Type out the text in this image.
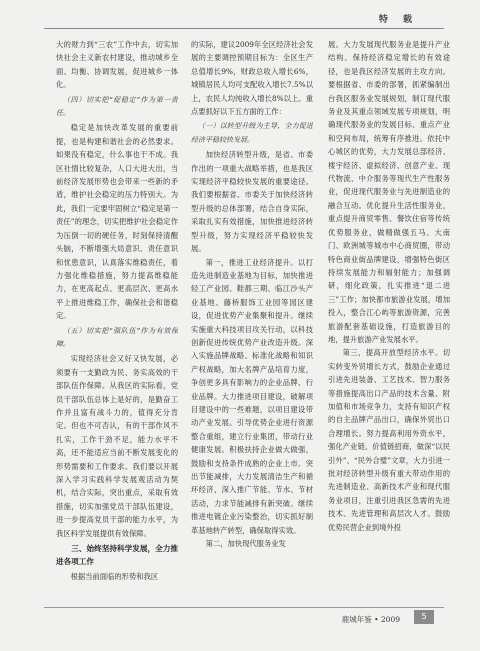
特 载

大的财力到“三农”工作中去，切实加快社会主义新农村建设，推动城乡全面、均衡、协调发展，促进城乡一体化。

（四）切实把“促稳定”作为第一责任。

稳定是加快改革发展的重要前提，也是构建和谐社会的必然要求。如果没有稳定，什么事也干不成。我区社情比较复杂，人口大进大出，当前经济发展形势也会带来一些新的矛盾，维护社会稳定的压力特别大。为此，我们一定要牢固树立“稳定是第一责任”的理念，切实把维护社会稳定作为压倒一切的硬任务，时刻保持清醒头脑，不断增强大局意识、责任意识和忧患意识，认真落实维稳责任，着力强化维稳措施，努力提高维稳能力，在更高起点、更高层次、更高水平上推进维稳工作，确保社会和谐稳定。

（五）切实把“强队伍”作为有效保障。

实现经济社会又好又快发展，必须要有一支勤政为民、务实高效的干部队伍作保障。从我区的实际看，党员干部队伍总体上是好的，是勤奋工作并且富有战斗力的，值得充分肯定。但也不可否认，有的干部作风不扎实，工作干劲不足，能力水平不高，还不能适应当前不断发展变化的形势需要和工作要求。我们要以开展深入学习实践科学发展观活动为契机，结合实际，突出重点，采取有效措施，切实加强党员干部队伍建设，进一步提高党员干部的能力水平，为我区科学发展提供有效保障。

三、始终坚持科学发展，全力推进各项工作

根据当前面临的形势和我区

的实际，建议2009年全区经济社会发展的主要调控预期目标为：全区生产总值增长9%，财政总收入增长6%，城镇居民人均可支配收入增长7.5%以上，农民人均纯收入增长8%以上。重点要抓好以下五方面的工作：

（一）以转型升级为主导，全力促进经济平稳较快发展。

加快经济转型升级，是省、市委作出的一项重大战略举措，也是我区实现经济平稳较快发展的重要途径。我们要根据省、市委关于加快经济转型升级的总体部署，结合自身实际，采取扎实有效措施，加快推进经济转型升级，努力实现经济平稳较快发展。

第一，推进工业经济提升。以打造先进制造业基地为目标，加快推进轻工产业园、鞋都三期、临江沙头产业基地、藤桥服饰工业园等园区建设，促进优势产业集聚和提升。继续实施重大科技项目攻关行动，以科技创新促进传统优势产业改造升级。深入实施品牌战略、标准化战略和知识产权战略，加大名牌产品培育力度，争创更多具有影响力的企业品牌、行业品牌。大力推进项目建设，破解项目建设中的一些难题，以项目建设带动产业发展。引导优势企业进行资源整合重组，建立行业集团，带动行业健康发展。积极扶持企业做大做强，鼓励和支持条件成熟的企业上市。突出节能减排，大力发展清洁生产和循环经济，深入推广节能、节水、节材活动，力求节能减排有新突破。继续推进电镀企业污染整治，切实抓好制革基地转产转型，确保取得实效。

第二，加快现代服务业发

展。大力发展现代服务业是提升产业结构、保持经济稳定增长的有效途径，也是我区经济发展的主攻方向。要根据省、市委的部署，抓紧编制出台我区服务业发展规划，制订现代服务业及其重点领域发展专项规划，明确现代服务业的发展目标、重点产业和空间布局，统筹有序推进。依托中心城区的优势，大力发展总部经济、楼宇经济、虚拟经济、创意产业、现代物流、中介服务等现代生产性服务业，促进现代服务业与先进制造业的融合互动。优化提升生活性服务业，重点提升商贸零售、餐饮住宿等传统优势服务业，做精做强五马、大南门、欧洲城等城市中心商贸圈，带动特色商业街品牌建设，增强特色街区持续发展能力和辐射能力；加强调研，细化政策，扎实推进“退二进三”工作；加快都市旅游业发展，增加投入，整合江心屿等旅游资源，完善旅游配套基础设施，打造旅游目的地，提升旅游产业发展水平。

第三，提高开放型经济水平。切实转变外贸增长方式，鼓励企业通过引进先进装备、工艺技术、智力服务等措施提高出口产品的技术含量、附加值和市场竞争力，支持有知识产权的自主品牌产品出口，确保外贸出口合理增长。努力提高利用外资水平，强化产业链、价值链招商，做深“以民引外”、“民外合璧”文章，大力引进一批对经济转型升级有重大带动作用的先进制造业、高新技术产业和现代服务业项目，注重引进我区急需的先进技术、先进管理和高层次人才。鼓励优势民营企业到境外投

鹿城年鉴 • 2009	5
